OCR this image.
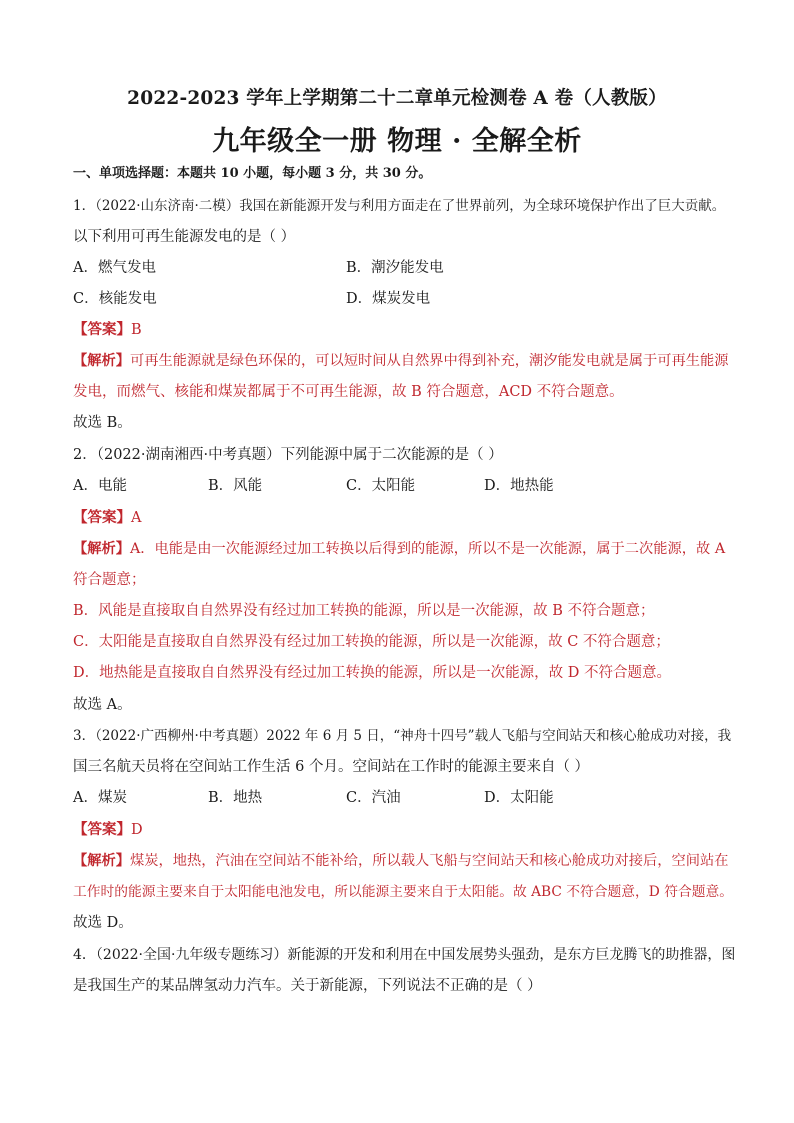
2022-2023 学年上学期第二十二章单元检测卷 A 卷（人教版）
九年级全一册 物理 · 全解全析
一、单项选择题：本题共 10 小题，每小题 3 分，共 30 分。
1．（2022·山东济南·二模）我国在新能源开发与利用方面走在了世界前列，为全球环境保护作出了巨大贡献。
以下利用可再生能源发电的是（ ）
A．燃气发电	B．潮汐能发电
C．核能发电	D．煤炭发电
【答案】B
【解析】可再生能源就是绿色环保的，可以短时间从自然界中得到补充，潮汐能发电就是属于可再生能源
发电，而燃气、核能和煤炭都属于不可再生能源，故 B 符合题意，ACD 不符合题意。
故选 B。
2．（2022·湖南湘西·中考真题）下列能源中属于二次能源的是（ ）
A．电能	B．风能	C．太阳能	D．地热能
【答案】A
【解析】A．电能是由一次能源经过加工转换以后得到的能源，所以不是一次能源，属于二次能源，故 A
符合题意；
B．风能是直接取自自然界没有经过加工转换的能源，所以是一次能源，故 B 不符合题意；
C．太阳能是直接取自自然界没有经过加工转换的能源，所以是一次能源，故 C 不符合题意；
D．地热能是直接取自自然界没有经过加工转换的能源，所以是一次能源，故 D 不符合题意。
故选 A。
3．（2022·广西柳州·中考真题）2022 年 6 月 5 日，“神舟十四号”载人飞船与空间站天和核心舱成功对接，我
国三名航天员将在空间站工作生活 6 个月。空间站在工作时的能源主要来自（ ）
A．煤炭	B．地热	C．汽油	D．太阳能
【答案】D
【解析】煤炭，地热，汽油在空间站不能补给，所以载人飞船与空间站天和核心舱成功对接后，空间站在
工作时的能源主要来自于太阳能电池发电，所以能源主要来自于太阳能。故 ABC 不符合题意，D 符合题意。
故选 D。
4．（2022·全国·九年级专题练习）新能源的开发和利用在中国发展势头强劲，是东方巨龙腾飞的助推器，图
是我国生产的某品牌氢动力汽车。关于新能源，下列说法不正确的是（ ）
